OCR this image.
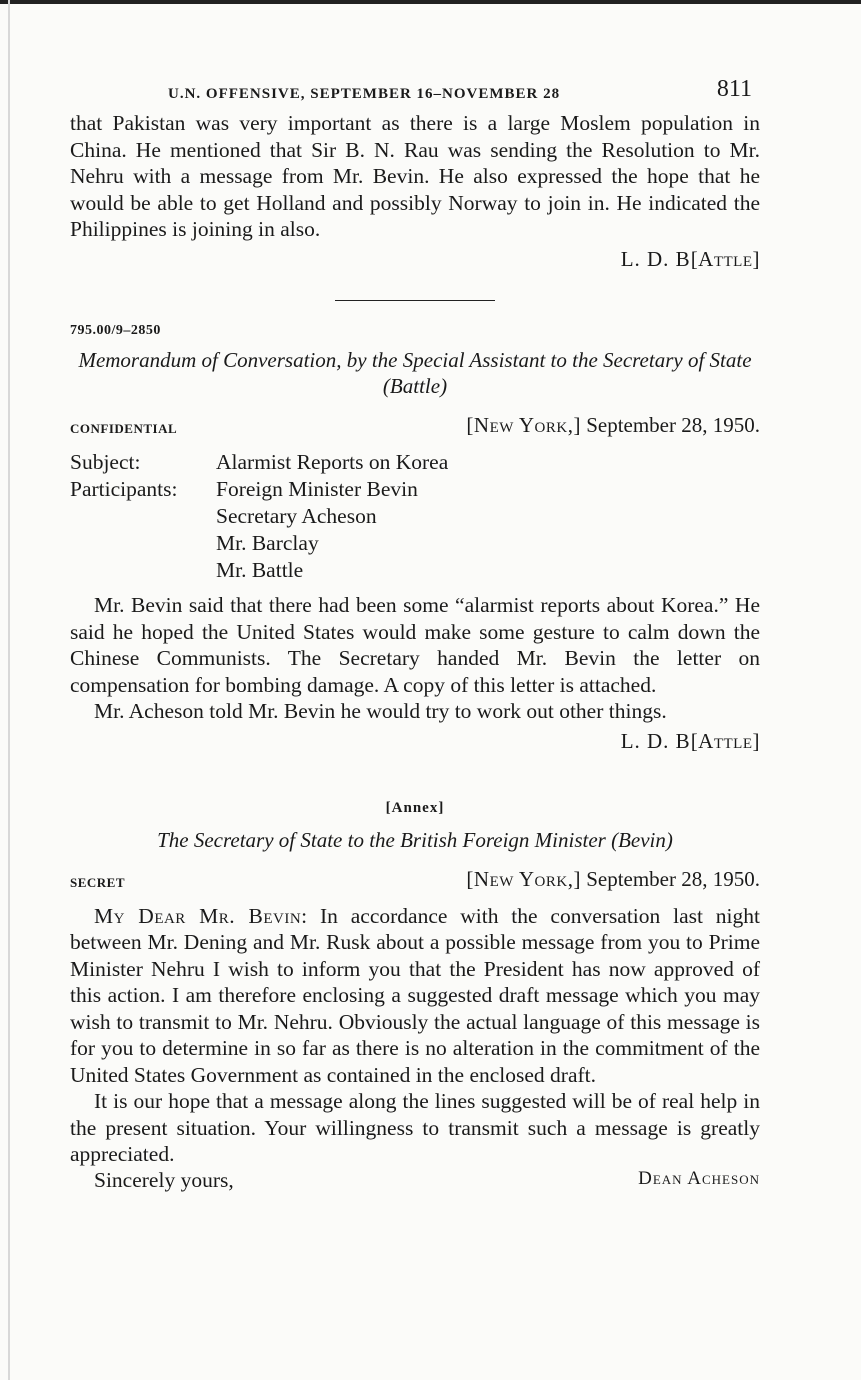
U.N. OFFENSIVE, SEPTEMBER 16–NOVEMBER 28	811

that Pakistan was very important as there is a large Moslem population in China. He mentioned that Sir B. N. Rau was sending the Resolution to Mr. Nehru with a message from Mr. Bevin. He also expressed the hope that he would be able to get Holland and possibly Norway to join in. He indicated the Philippines is joining in also.

L. D. B[Attle]
795.00/9–2850
Memorandum of Conversation, by the Special Assistant to the Secretary of State (Battle)
CONFIDENTIAL	[New York,] September 28, 1950.
Subject:	Alarmist Reports on Korea
Participants:	Foreign Minister Bevin
Secretary Acheson
Mr. Barclay
Mr. Battle

Mr. Bevin said that there had been some “alarmist reports about Korea.” He said he hoped the United States would make some gesture to calm down the Chinese Communists. The Secretary handed Mr. Bevin the letter on compensation for bombing damage. A copy of this letter is attached.

Mr. Acheson told Mr. Bevin he would try to work out other things.

L. D. B[Attle]
[Annex]
The Secretary of State to the British Foreign Minister (Bevin)
SECRET	[New York,] September 28, 1950.

My Dear Mr. Bevin: In accordance with the conversation last night between Mr. Dening and Mr. Rusk about a possible message from you to Prime Minister Nehru I wish to inform you that the President has now approved of this action. I am therefore enclosing a suggested draft message which you may wish to transmit to Mr. Nehru. Obviously the actual language of this message is for you to determine in so far as there is no alteration in the commitment of the United States Government as contained in the enclosed draft.

It is our hope that a message along the lines suggested will be of real help in the present situation. Your willingness to transmit such a message is greatly appreciated.

Sincerely yours,	Dean Acheson
